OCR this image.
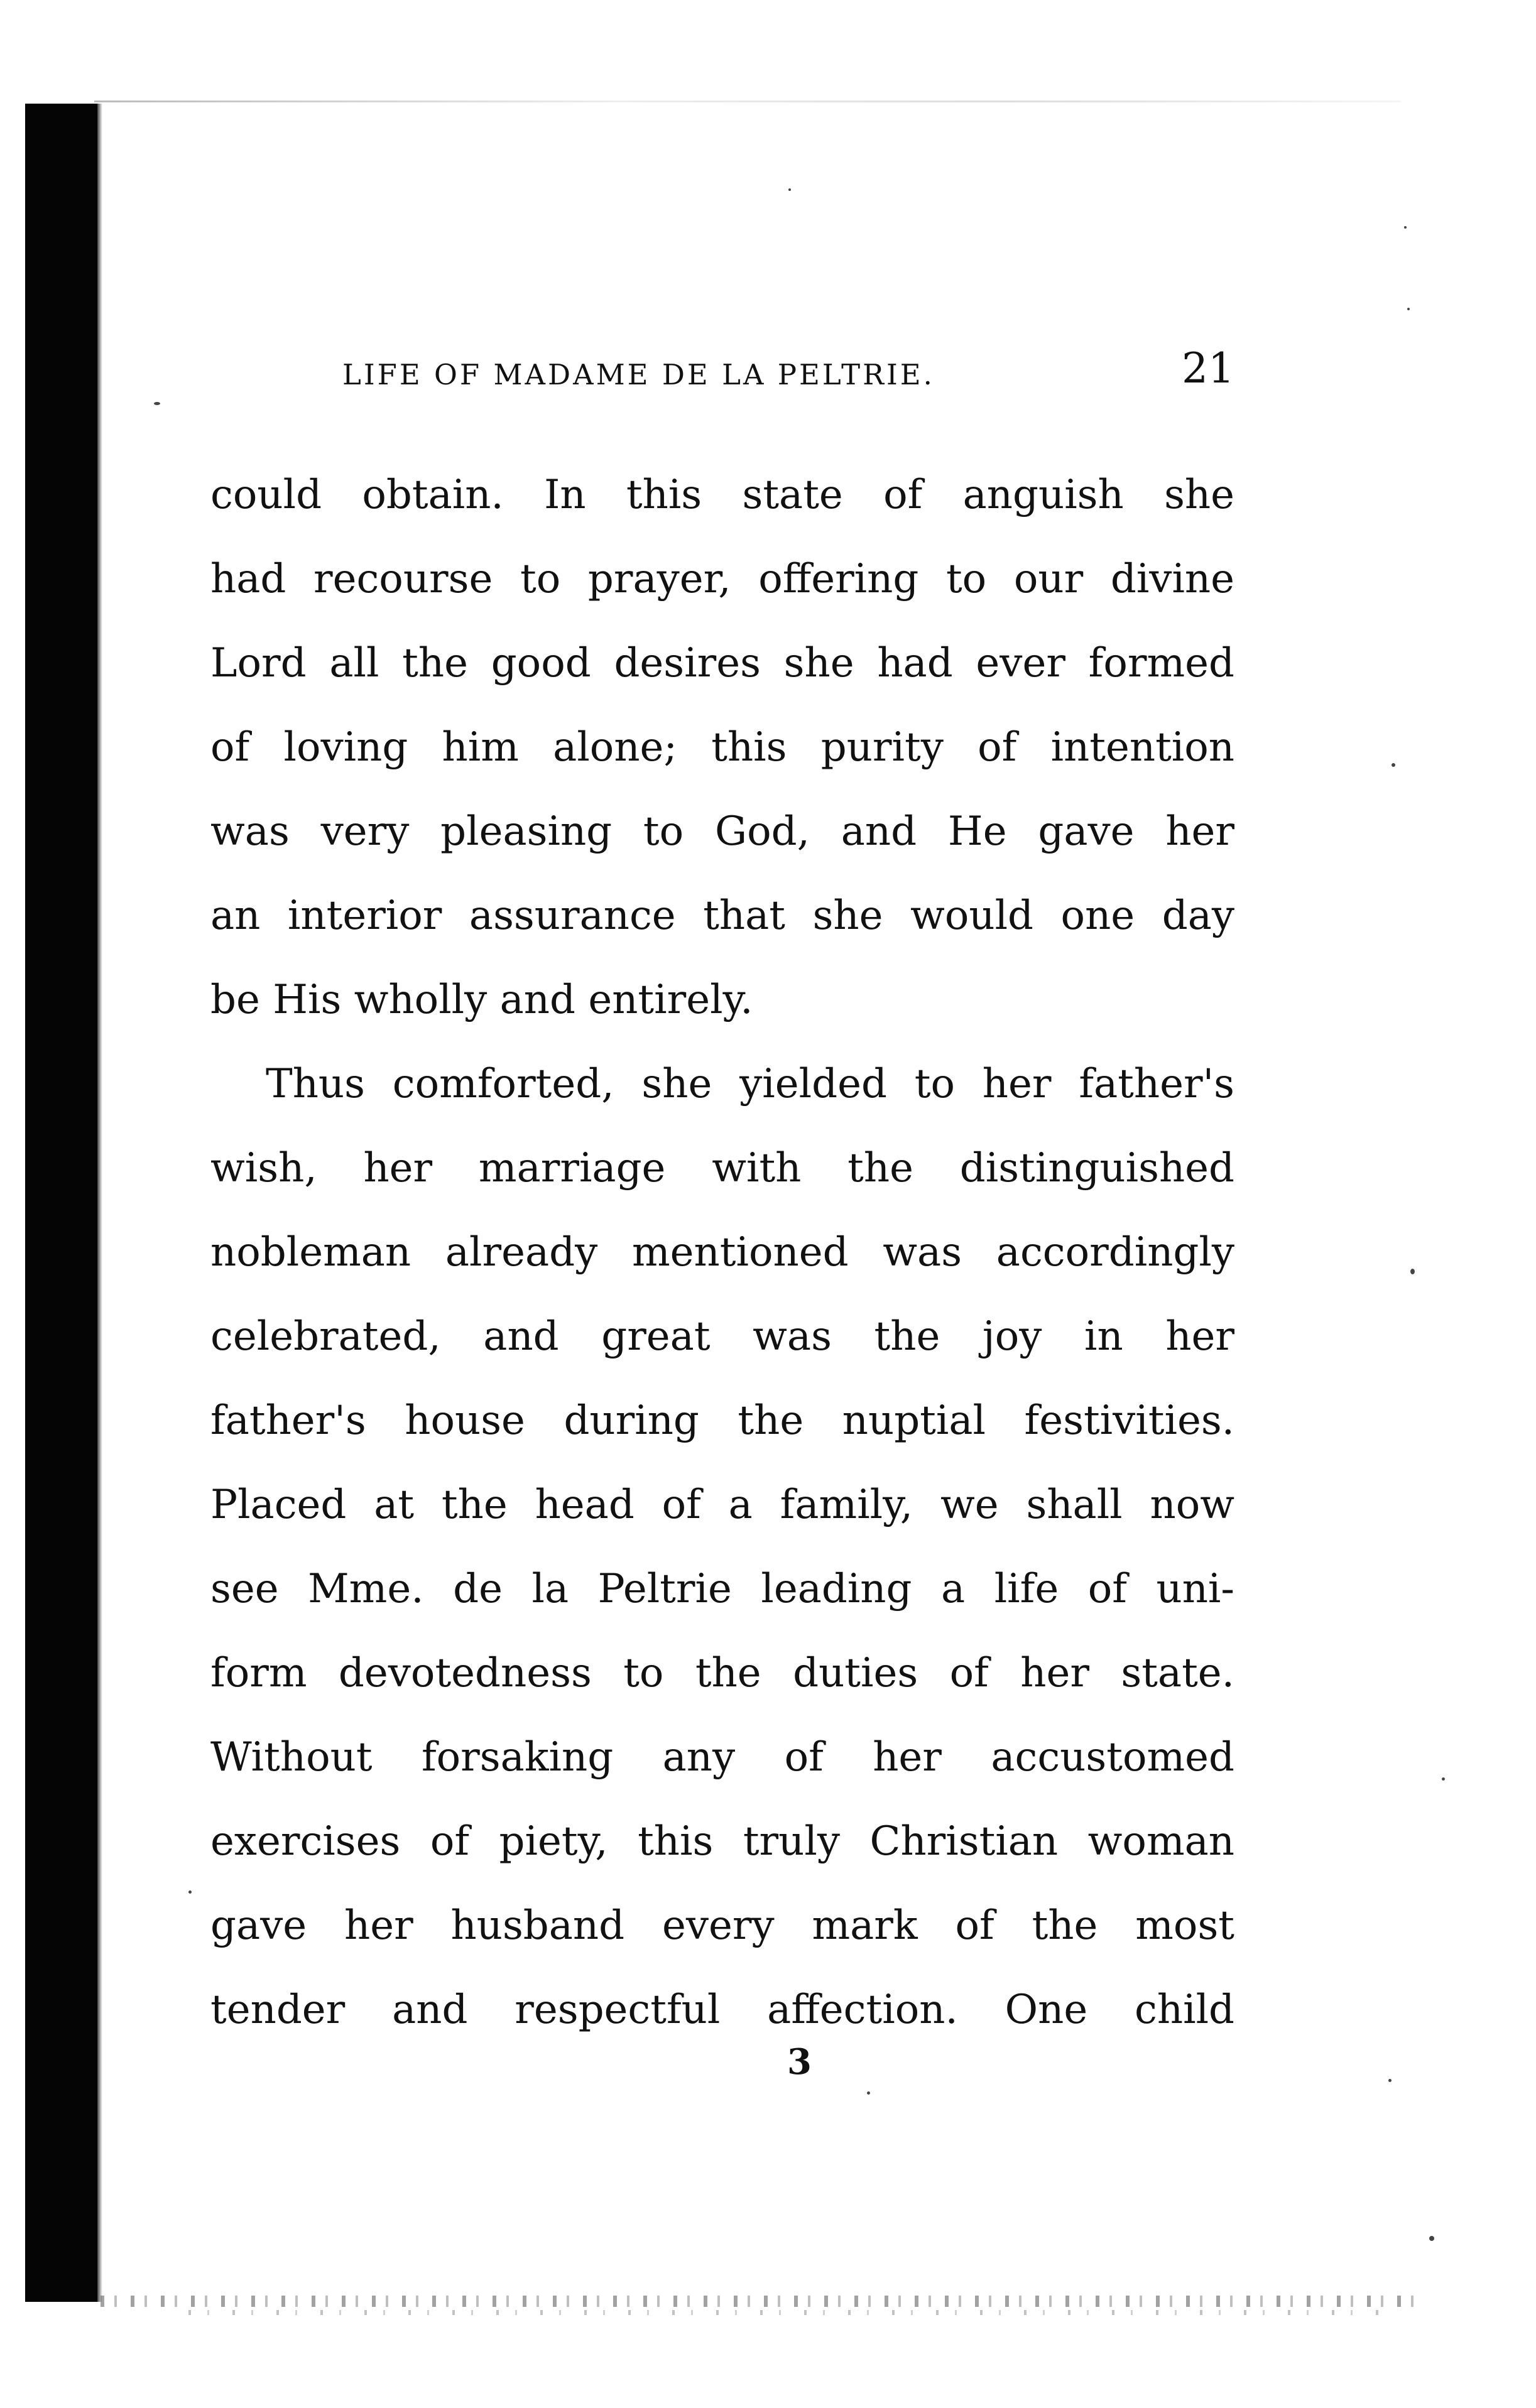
LIFE OF MADAME DE LA PELTRIE.	21
could obtain. In this state of anguish she
had recourse to prayer, offering to our divine
Lord all the good desires she had ever formed
of loving him alone; this purity of intention
was very pleasing to God, and He gave her
an interior assurance that she would one day
be His wholly and entirely.
Thus comforted, she yielded to her father's
wish, her marriage with the distinguished
nobleman already mentioned was accordingly
celebrated, and great was the joy in her
father's house during the nuptial festivities.
Placed at the head of a family, we shall now
see Mme. de la Peltrie leading a life of uni-
form devotedness to the duties of her state.
Without forsaking any of her accustomed
exercises of piety, this truly Christian woman
gave her husband every mark of the most
tender and respectful affection. One child
3
